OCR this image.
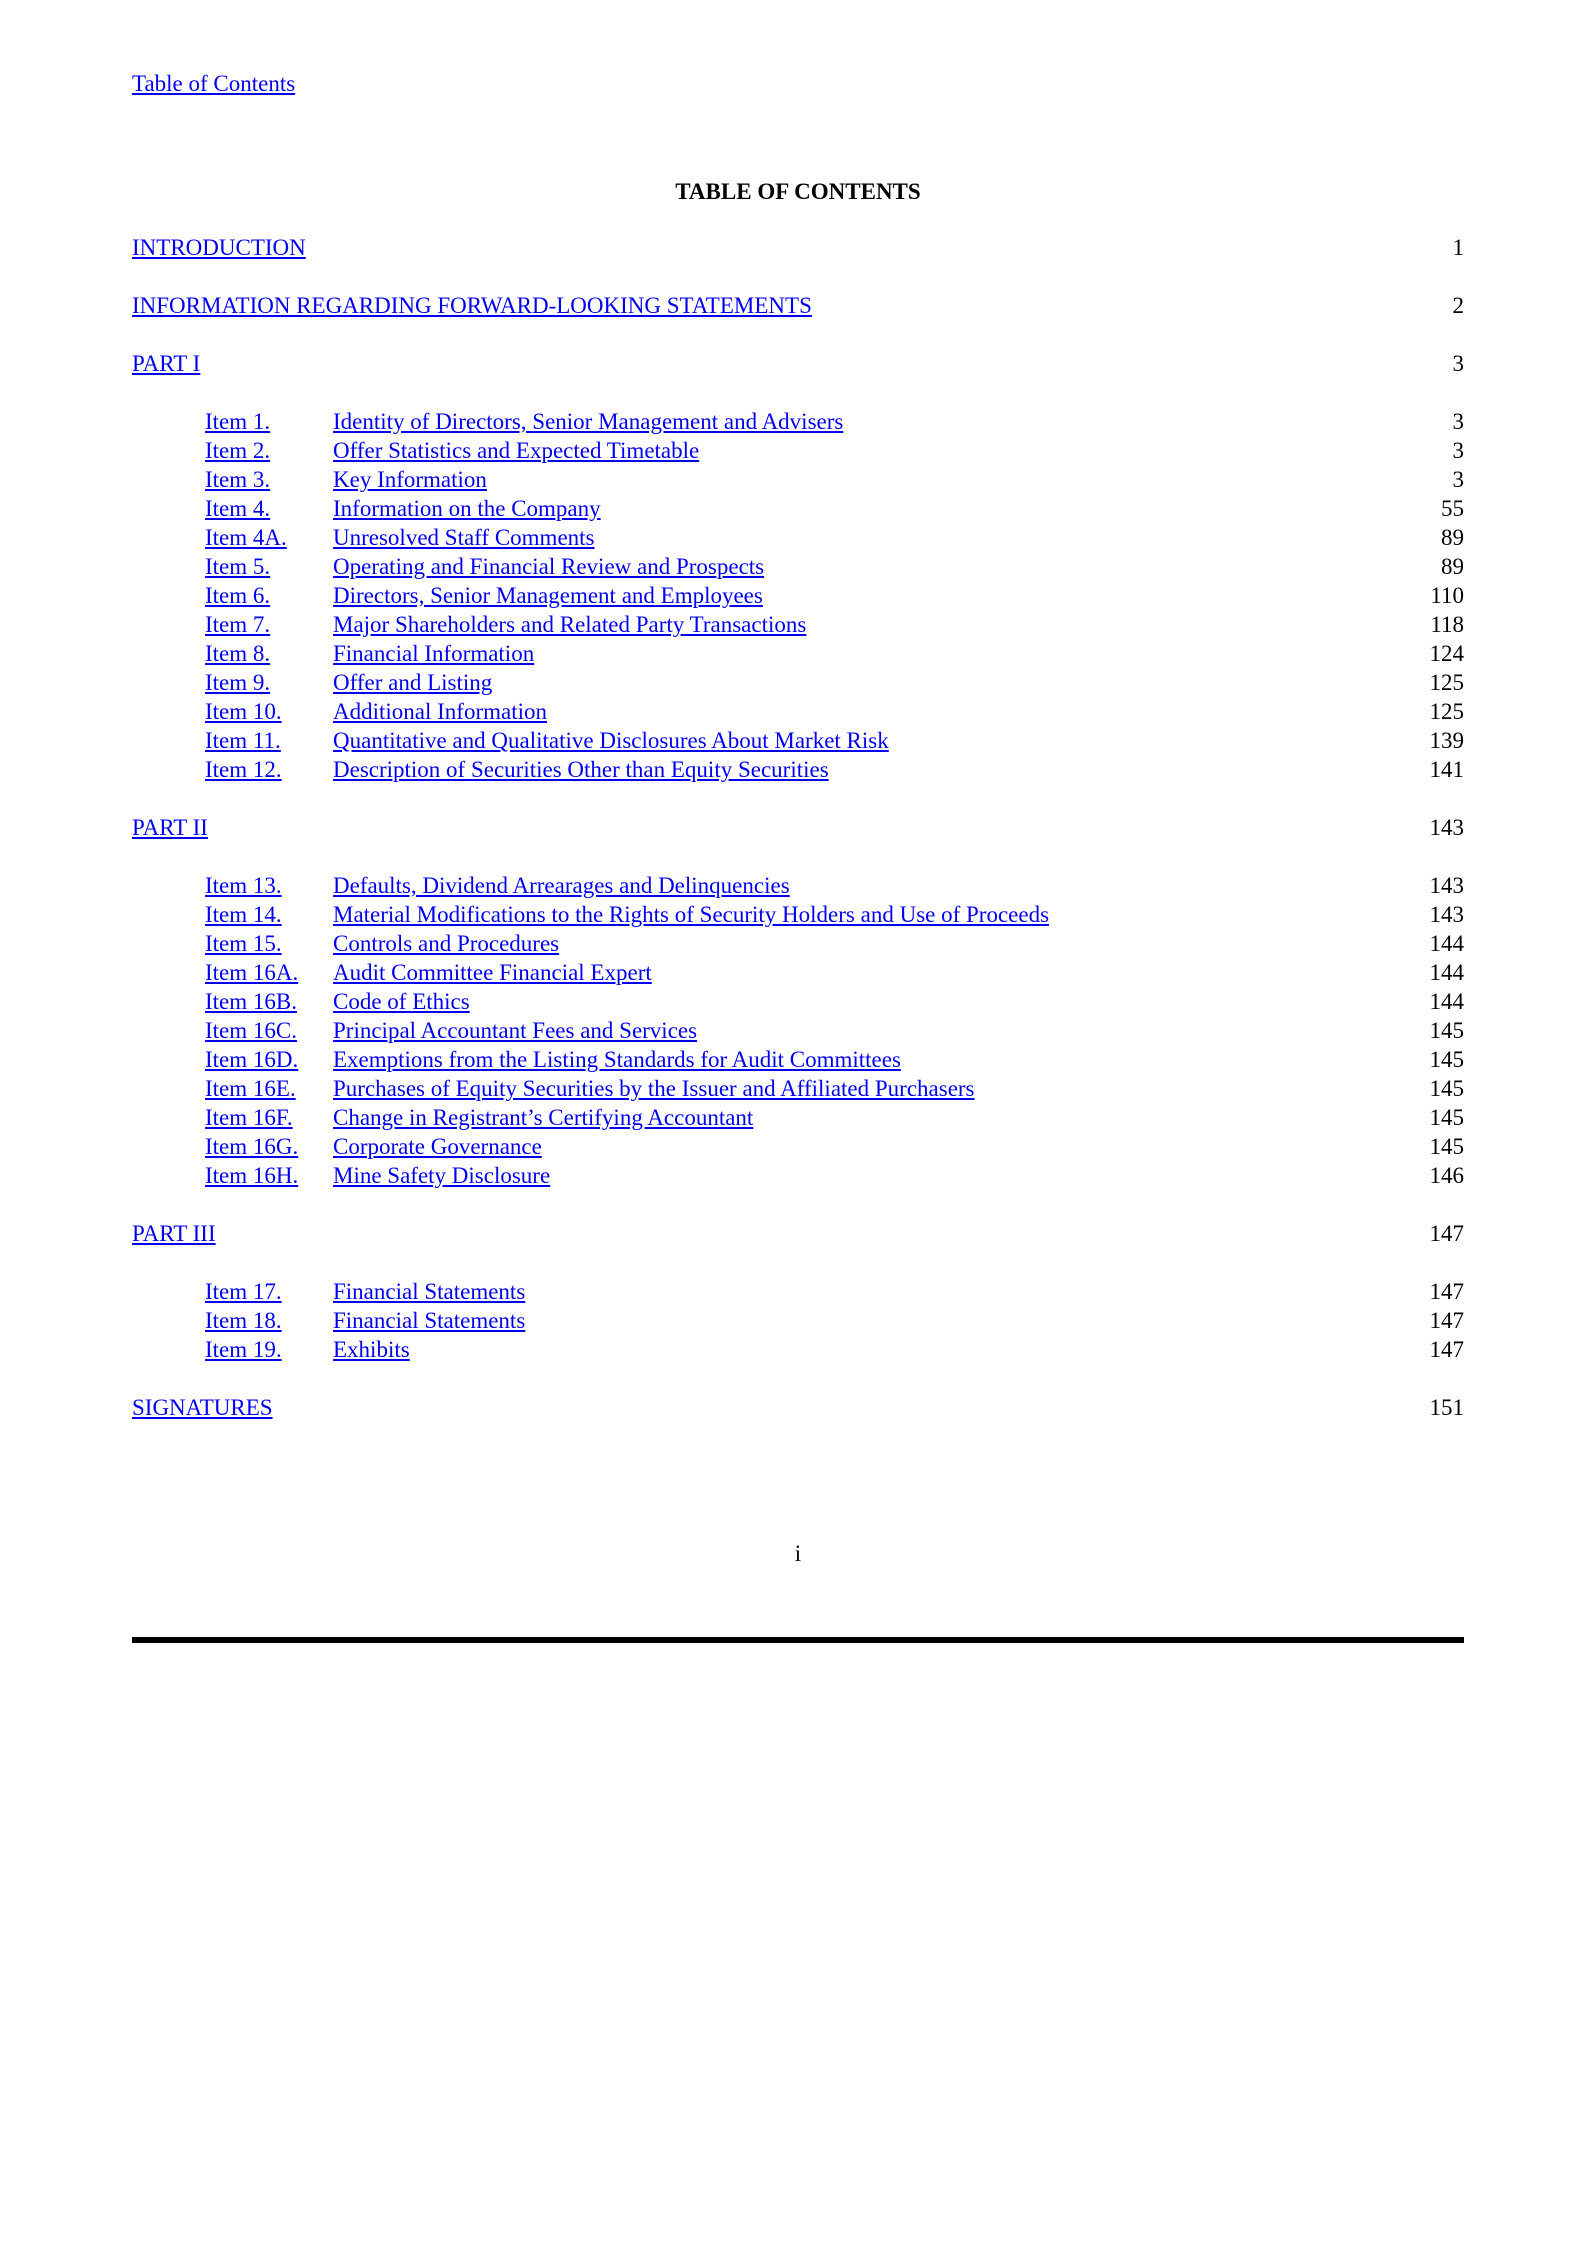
Table of Contents
TABLE OF CONTENTS
INTRODUCTION	1
INFORMATION REGARDING FORWARD-LOOKING STATEMENTS	2
PART I	3
Item 1.	Identity of Directors, Senior Management and Advisers	3
Item 2.	Offer Statistics and Expected Timetable	3
Item 3.	Key Information	3
Item 4.	Information on the Company	55
Item 4A. Unresolved Staff Comments	89
Item 5.	Operating and Financial Review and Prospects	89
Item 6.	Directors, Senior Management and Employees	110
Item 7.	Major Shareholders and Related Party Transactions	118
Item 8.	Financial Information	124
Item 9.	Offer and Listing	125
Item 10. Additional Information	125
Item 11. Quantitative and Qualitative Disclosures About Market Risk	139
Item 12. Description of Securities Other than Equity Securities	141
PART II	143
Item 13. Defaults, Dividend Arrearages and Delinquencies	143
Item 14. Material Modifications to the Rights of Security Holders and Use of Proceeds	143
Item 15. Controls and Procedures	144
Item 16A. Audit Committee Financial Expert	144
Item 16B. Code of Ethics	144
Item 16C. Principal Accountant Fees and Services	145
Item 16D. Exemptions from the Listing Standards for Audit Committees	145
Item 16E. Purchases of Equity Securities by the Issuer and Affiliated Purchasers	145
Item 16F. Change in Registrant’s Certifying Accountant	145
Item 16G. Corporate Governance	145
Item 16H. Mine Safety Disclosure	146
PART III	147
Item 17. Financial Statements	147
Item 18. Financial Statements	147
Item 19. Exhibits	147
SIGNATURES	151
i
